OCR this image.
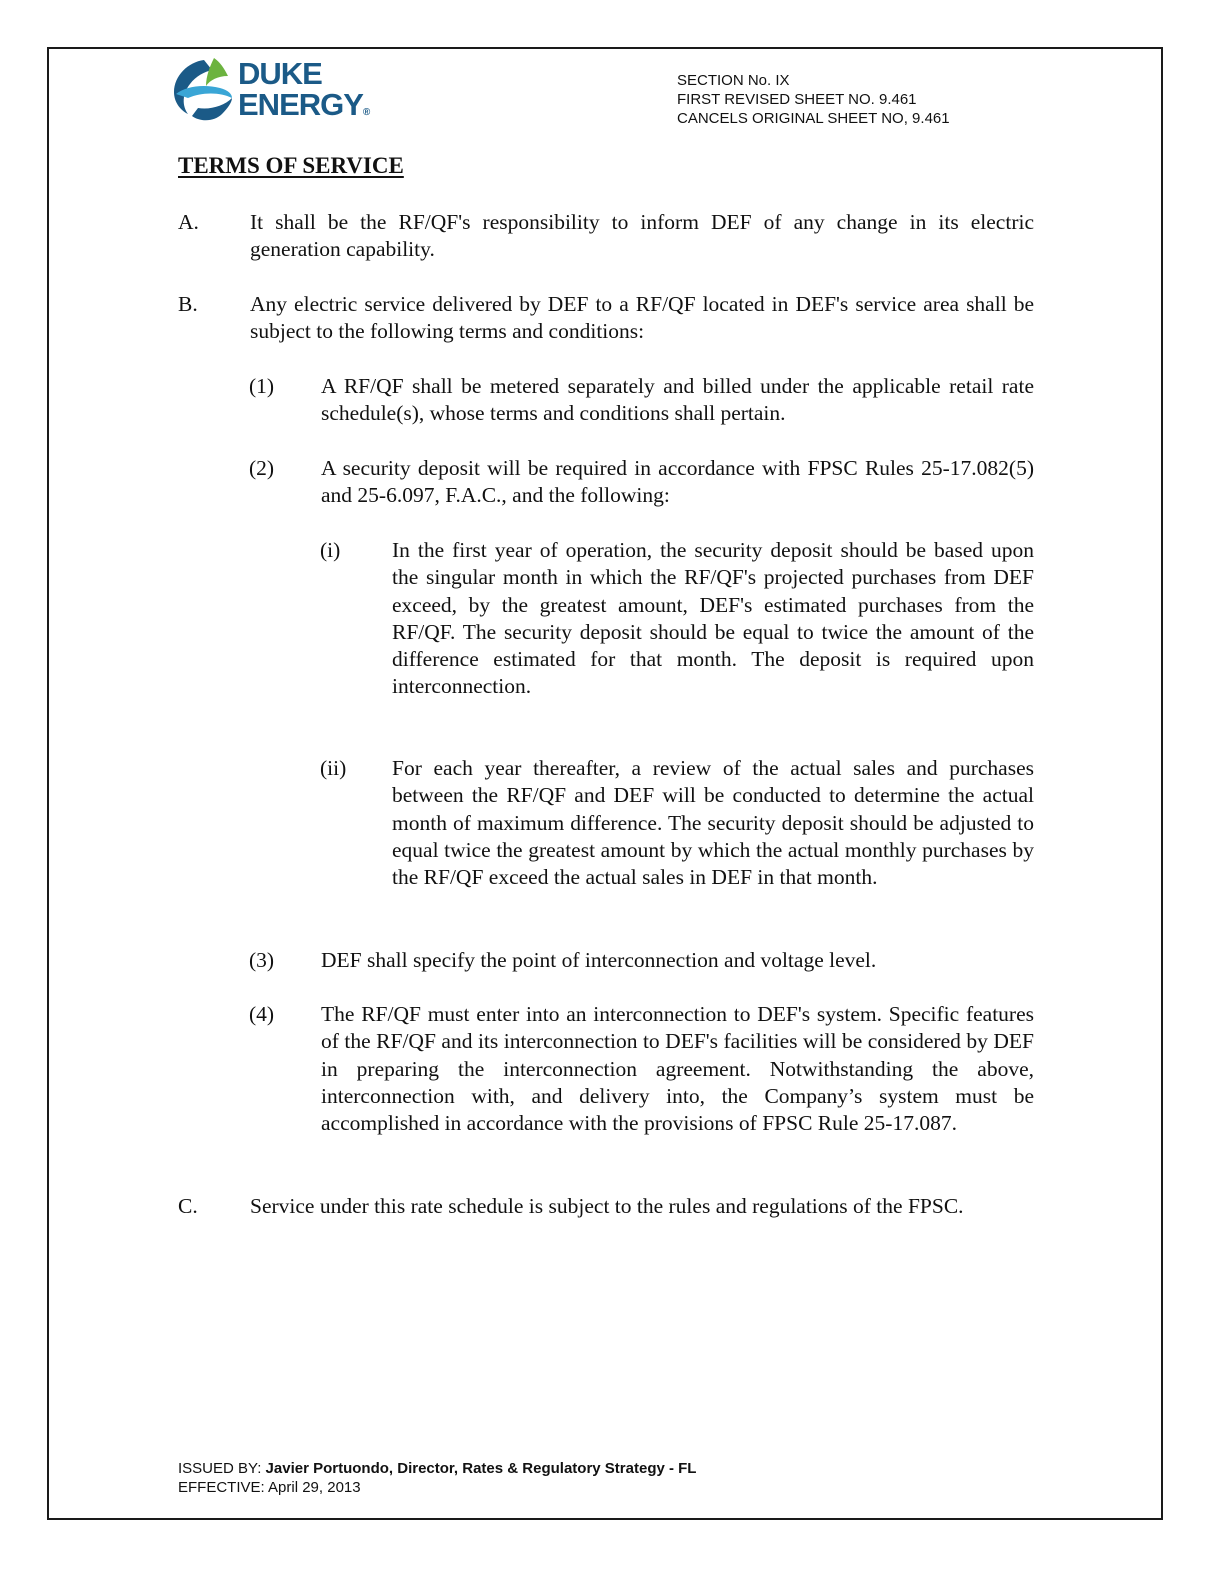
DUKE
ENERGY®
SECTION No. IX
FIRST REVISED SHEET NO. 9.461
CANCELS ORIGINAL SHEET NO, 9.461
TERMS OF SERVICE
A. It shall be the RF/QF's responsibility to inform DEF of any change in its electric generation capability.
B. Any electric service delivered by DEF to a RF/QF located in DEF's service area shall be subject to the following terms and conditions:
(1) A RF/QF shall be metered separately and billed under the applicable retail rate schedule(s), whose terms and conditions shall pertain.
(2) A security deposit will be required in accordance with FPSC Rules 25-17.082(5) and 25-6.097, F.A.C., and the following:
(i) In the first year of operation, the security deposit should be based upon the singular month in which the RF/QF's projected purchases from DEF exceed, by the greatest amount, DEF's estimated purchases from the RF/QF. The security deposit should be equal to twice the amount of the difference estimated for that month. The deposit is required upon interconnection.
(ii) For each year thereafter, a review of the actual sales and purchases between the RF/QF and DEF will be conducted to determine the actual month of maximum difference. The security deposit should be adjusted to equal twice the greatest amount by which the actual monthly purchases by the RF/QF exceed the actual sales in DEF in that month.
(3) DEF shall specify the point of interconnection and voltage level.
(4) The RF/QF must enter into an interconnection to DEF's system. Specific features of the RF/QF and its interconnection to DEF's facilities will be considered by DEF in preparing the interconnection agreement. Notwithstanding the above, interconnection with, and delivery into, the Company’s system must be accomplished in accordance with the provisions of FPSC Rule 25-17.087.
C. Service under this rate schedule is subject to the rules and regulations of the FPSC.
ISSUED BY: Javier Portuondo, Director, Rates & Regulatory Strategy - FL
EFFECTIVE: April 29, 2013
